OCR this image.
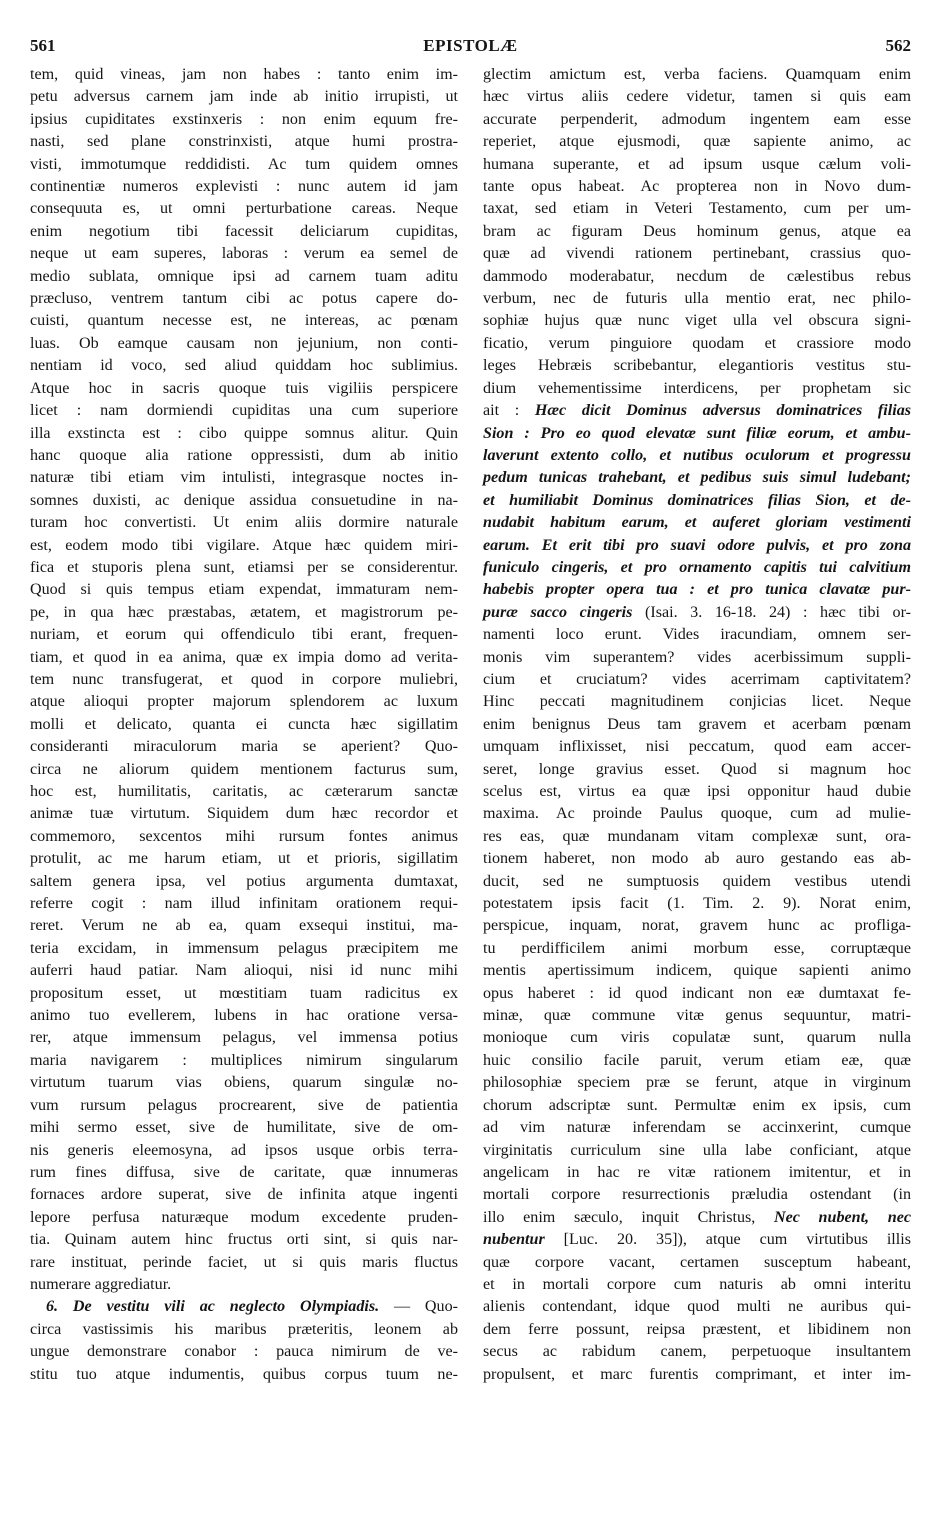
561	EPISTOLÆ	562

tem, quid vineas, jam non habes : tanto enim im-

petu adversus carnem jam inde ab initio irrupisti, ut

ipsius cupiditates exstinxeris : non enim equum fre-

nasti, sed plane constrinxisti, atque humi prostra-

visti, immotumque reddidisti. Ac tum quidem omnes

continentiæ numeros explevisti : nunc autem id jam

consequuta es, ut omni perturbatione careas. Neque

enim negotium tibi facessit deliciarum cupiditas,

neque ut eam superes, laboras : verum ea semel de

medio sublata, omnique ipsi ad carnem tuam aditu

præcluso, ventrem tantum cibi ac potus capere do-

cuisti, quantum necesse est, ne intereas, ac pœnam

luas. Ob eamque causam non jejunium, non conti-

nentiam id voco, sed aliud quiddam hoc sublimius.

Atque hoc in sacris quoque tuis vigiliis perspicere

licet : nam dormiendi cupiditas una cum superiore

illa exstincta est : cibo quippe somnus alitur. Quin

hanc quoque alia ratione oppressisti, dum ab initio

naturæ tibi etiam vim intulisti, integrasque noctes in-

somnes duxisti, ac denique assidua consuetudine in na-

turam hoc convertisti. Ut enim aliis dormire naturale

est, eodem modo tibi vigilare. Atque hæc quidem miri-

fica et stuporis plena sunt, etiamsi per se considerentur.

Quod si quis tempus etiam expendat, immaturam nem-

pe, in qua hæc præstabas, ætatem, et magistrorum pe-

nuriam, et eorum qui offendiculo tibi erant, frequen-

tiam, et quod in ea anima, quæ ex impia domo ad verita-

tem nunc transfugerat, et quod in corpore muliebri,

atque alioqui propter majorum splendorem ac luxum

molli et delicato, quanta ei cuncta hæc sigillatim

consideranti miraculorum maria se aperient? Quo-

circa ne aliorum quidem mentionem facturus sum,

hoc est, humilitatis, caritatis, ac cæterarum sanctæ

animæ tuæ virtutum. Siquidem dum hæc recordor et

commemoro, sexcentos mihi rursum fontes animus

protulit, ac me harum etiam, ut et prioris, sigillatim

saltem genera ipsa, vel potius argumenta dumtaxat,

referre cogit : nam illud infinitam orationem requi-

reret. Verum ne ab ea, quam exsequi institui, ma-

teria excidam, in immensum pelagus præcipitem me

auferri haud patiar. Nam alioqui, nisi id nunc mihi

propositum esset, ut mœstitiam tuam radicitus ex

animo tuo evellerem, lubens in hac oratione versa-

rer, atque immensum pelagus, vel immensa potius

maria navigarem : multiplices nimirum singularum

virtutum tuarum vias obiens, quarum singulæ no-

vum rursum pelagus procrearent, sive de patientia

mihi sermo esset, sive de humilitate, sive de om-

nis generis eleemosyna, ad ipsos usque orbis terra-

rum fines diffusa, sive de caritate, quæ innumeras

fornaces ardore superat, sive de infinita atque ingenti

lepore perfusa naturæque modum excedente pruden-

tia. Quinam autem hinc fructus orti sint, si quis nar-

rare instituat, perinde faciet, ut si quis maris fluctus

numerare aggrediatur.

6. De vestitu vili ac neglecto Olympiadis. — Quo-

circa vastissimis his maribus præteritis, leonem ab

ungue demonstrare conabor : pauca nimirum de ve-

stitu tuo atque indumentis, quibus corpus tuum ne-

glectim amictum est, verba faciens. Quamquam enim

hæc virtus aliis cedere videtur, tamen si quis eam

accurate perpenderit, admodum ingentem eam esse

reperiet, atque ejusmodi, quæ sapiente animo, ac

humana superante, et ad ipsum usque cælum voli-

tante opus habeat. Ac propterea non in Novo dum-

taxat, sed etiam in Veteri Testamento, cum per um-

bram ac figuram Deus hominum genus, atque ea

quæ ad vivendi rationem pertinebant, crassius quo-

dammodo moderabatur, necdum de cælestibus rebus

verbum, nec de futuris ulla mentio erat, nec philo-

sophiæ hujus quæ nunc viget ulla vel obscura signi-

ficatio, verum pinguiore quodam et crassiore modo

leges Hebræis scribebantur, elegantioris vestitus stu-

dium vehementissime interdicens, per prophetam sic

ait : Hæc dicit Dominus adversus dominatrices filias

Sion : Pro eo quod elevatæ sunt filiæ eorum, et ambu-

laverunt extento collo, et nutibus oculorum et progressu

pedum tunicas trahebant, et pedibus suis simul ludebant;

et humiliabit Dominus dominatrices filias Sion, et de-

nudabit habitum earum, et auferet gloriam vestimenti

earum. Et erit tibi pro suavi odore pulvis, et pro zona

funiculo cingeris, et pro ornamento capitis tui calvitium

habebis propter opera tua : et pro tunica clavatæ pur-

puræ sacco cingeris (Isai. 3. 16-18. 24) : hæc tibi or-

namenti loco erunt. Vides iracundiam, omnem ser-

monis vim superantem? vides acerbissimum suppli-

cium et cruciatum? vides acerrimam captivitatem?

Hinc peccati magnitudinem conjicias licet. Neque

enim benignus Deus tam gravem et acerbam pœnam

umquam inflixisset, nisi peccatum, quod eam accer-

seret, longe gravius esset. Quod si magnum hoc

scelus est, virtus ea quæ ipsi opponitur haud dubie

maxima. Ac proinde Paulus quoque, cum ad mulie-

res eas, quæ mundanam vitam complexæ sunt, ora-

tionem haberet, non modo ab auro gestando eas ab-

ducit, sed ne sumptuosis quidem vestibus utendi

potestatem ipsis facit (1. Tim. 2. 9). Norat enim,

perspicue, inquam, norat, gravem hunc ac profliga-

tu perdifficilem animi morbum esse, corruptæque

mentis apertissimum indicem, quique sapienti animo

opus haberet : id quod indicant non eæ dumtaxat fe-

minæ, quæ commune vitæ genus sequuntur, matri-

monioque cum viris copulatæ sunt, quarum nulla

huic consilio facile paruit, verum etiam eæ, quæ

philosophiæ speciem præ se ferunt, atque in virginum

chorum adscriptæ sunt. Permultæ enim ex ipsis, cum

ad vim naturæ inferendam se accinxerint, cumque

virginitatis curriculum sine ulla labe conficiant, atque

angelicam in hac re vitæ rationem imitentur, et in

mortali corpore resurrectionis præludia ostendant (in

illo enim sæculo, inquit Christus, Nec nubent, nec

nubentur [Luc. 20. 35]), atque cum virtutibus illis

quæ corpore vacant, certamen susceptum habeant,

et in mortali corpore cum naturis ab omni interitu

alienis contendant, idque quod multi ne auribus qui-

dem ferre possunt, reipsa præstent, et libidinem non

secus ac rabidum canem, perpetuoque insultantem

propulsent, et marc furentis comprimant, et inter im-
